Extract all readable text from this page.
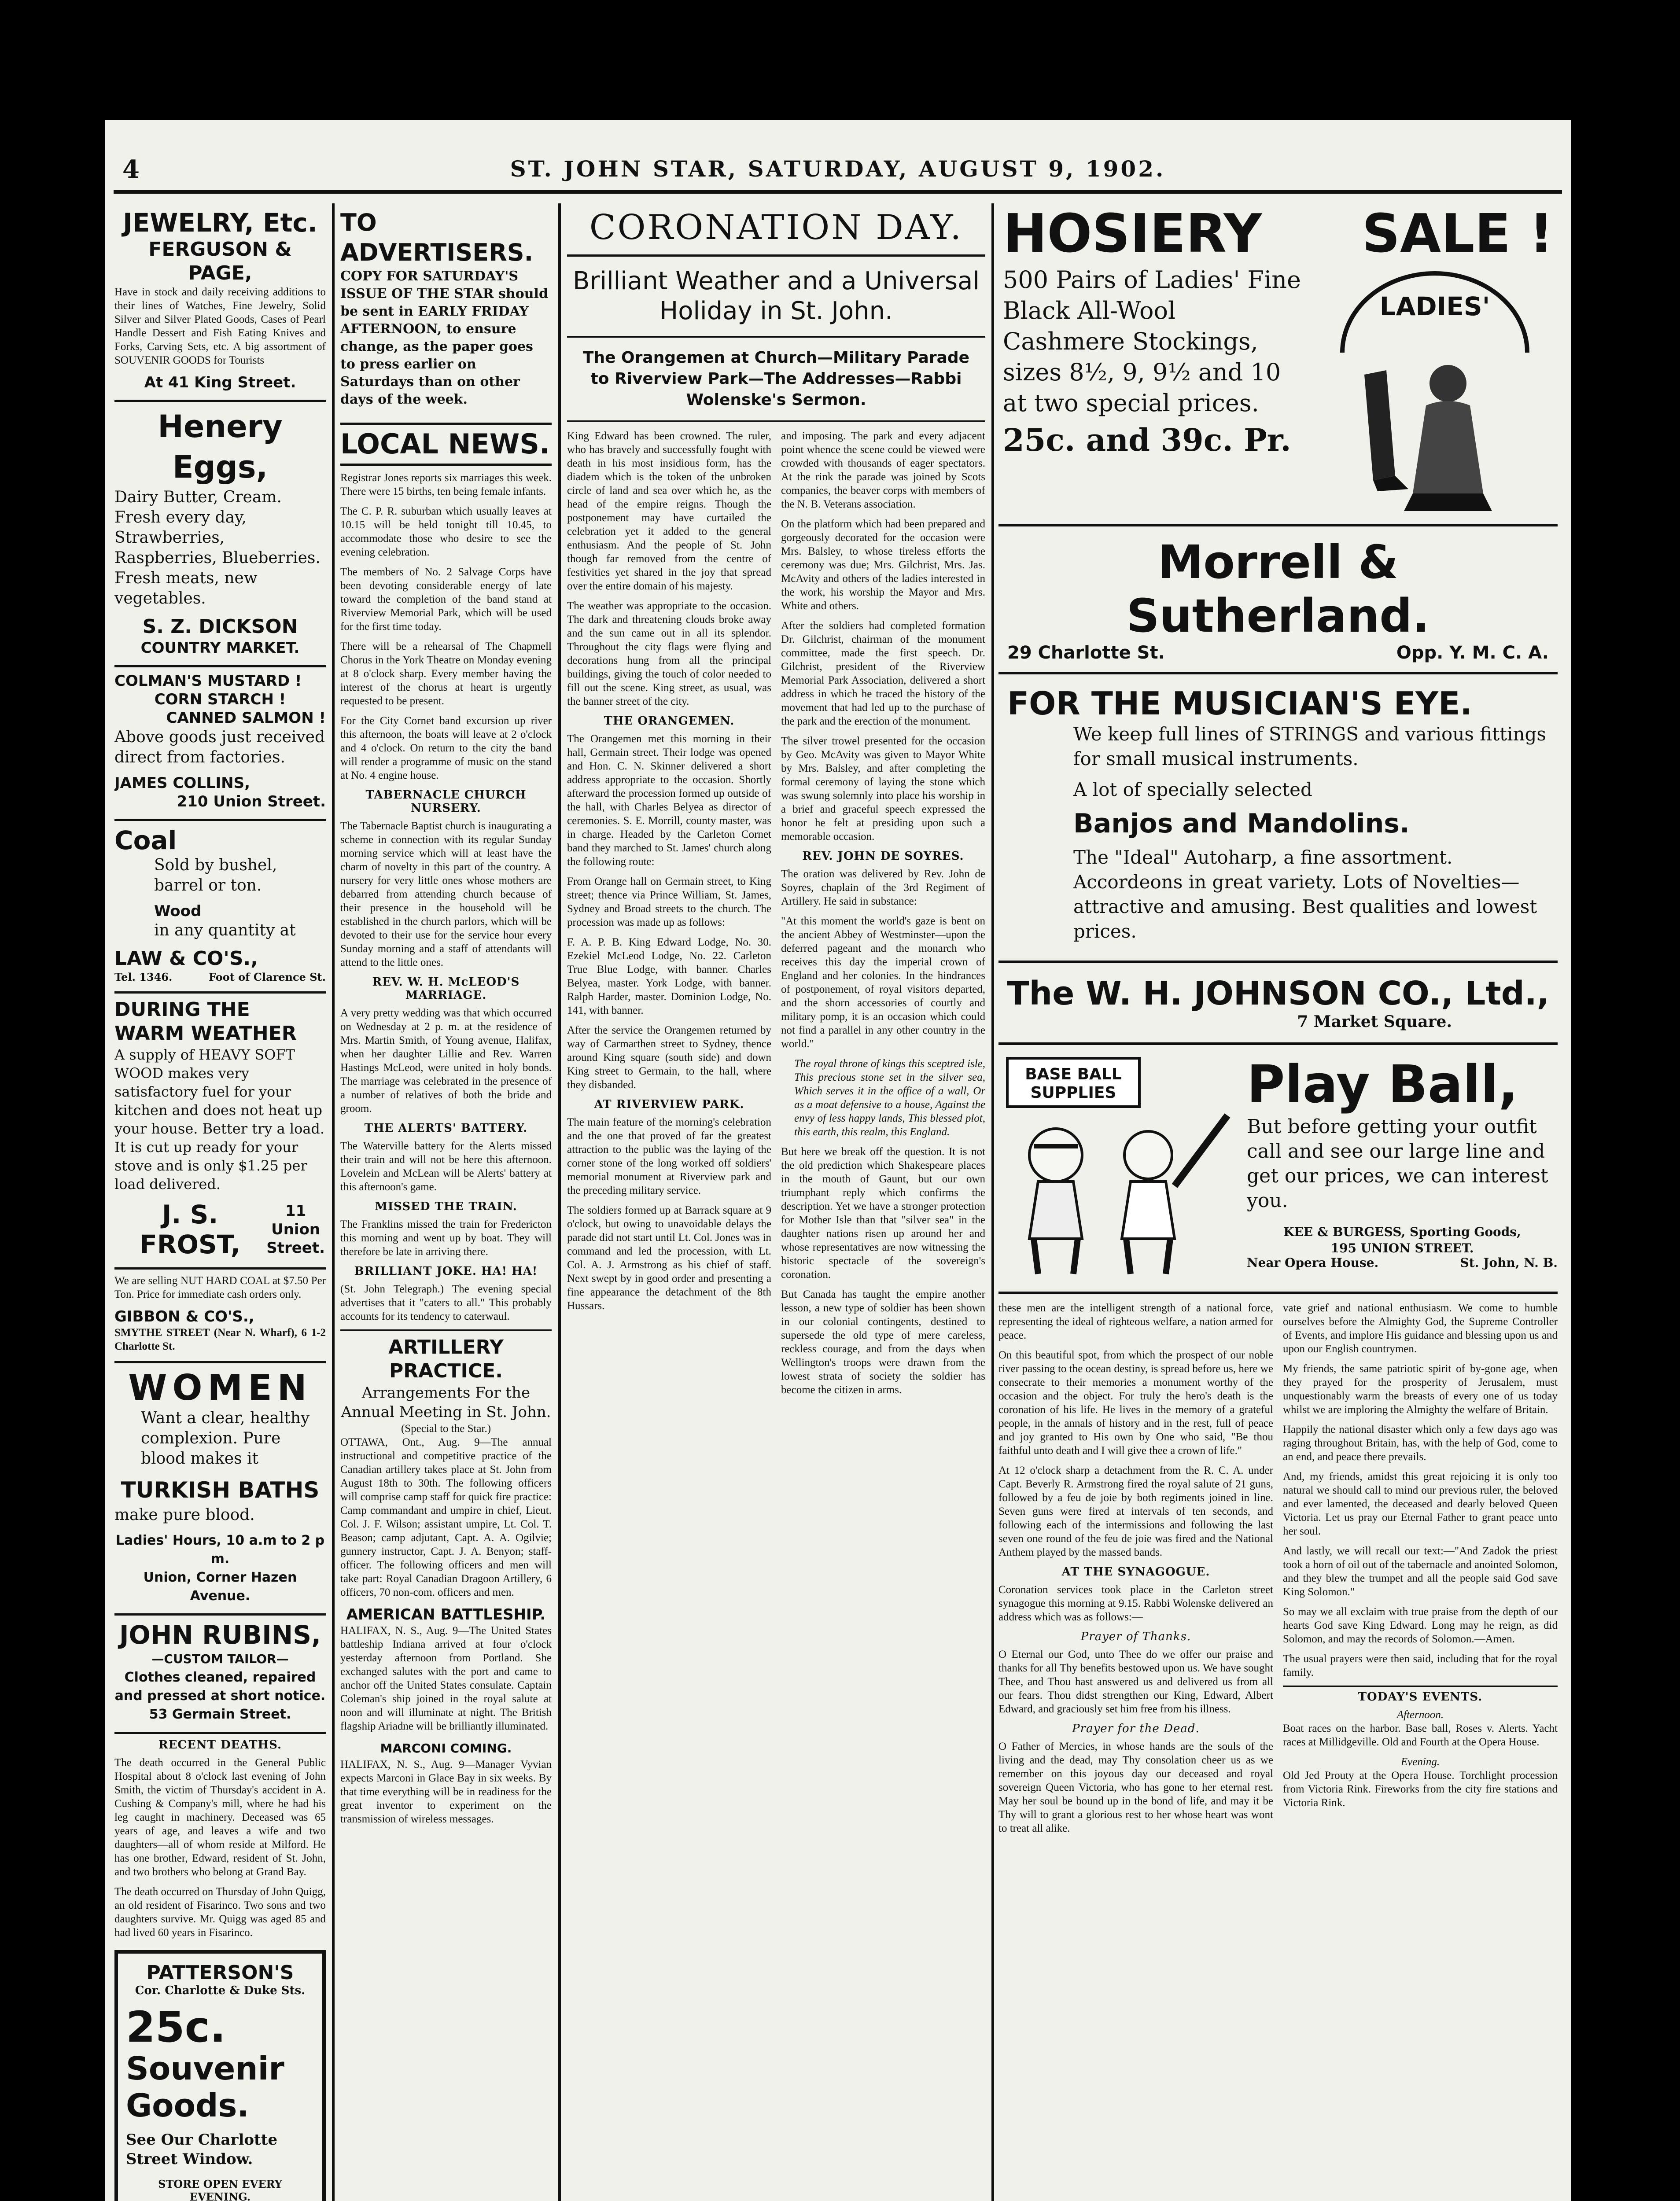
4	ST. JOHN STAR, SATURDAY, AUGUST 9, 1902.
JEWELRY, Etc.
FERGUSON & PAGE,

Have in stock and daily receiving additions to their lines of Watches, Fine Jewelry, Solid Silver and Silver Plated Goods, Cases of Pearl Handle Dessert and Fish Eating Knives and Forks, Carving Sets, etc. A big assortment of SOUVENIR GOODS for Tourists

At 41 King Street.
Henery Eggs,

Dairy Butter, Cream. Fresh every day, Strawberries, Raspberries, Blueberries. Fresh meats, new vegetables.

S. Z. DICKSON
COUNTRY MARKET.
COLMAN'S MUSTARD !
CORN STARCH !
CANNED SALMON !

Above goods just received direct from factories.

JAMES COLLINS,
210 Union Street.
Coal

Sold by bushel, barrel or ton.

Wood

in any quantity at

LAW & CO'S.,
Tel. 1346.	Foot of Clarence St.
DURING THE WARM WEATHER

A supply of HEAVY SOFT WOOD makes very satisfactory fuel for your kitchen and does not heat up your house. Better try a load. It is cut up ready for your stove and is only $1.25 per load delivered.

J. S. FROST,
11 Union Street.

We are selling NUT HARD COAL at $7.50 Per Ton. Price for immediate cash orders only.

GIBBON & CO'S.,
SMYTHE STREET (Near N. Wharf), 6 1-2 Charlotte St.
WOMEN

Want a clear, healthy complexion. Pure blood makes it

TURKISH BATHS

make pure blood.

Ladies' Hours, 10 a.m to 2 p m.
Union, Corner Hazen Avenue.
JOHN RUBINS,
—CUSTOM TAILOR—
Clothes cleaned, repaired and pressed at short notice.
53 Germain Street.
RECENT DEATHS.

The death occurred in the General Public Hospital about 8 o'clock last evening of John Smith, the victim of Thursday's accident in A. Cushing & Company's mill, where he had his leg caught in machinery. Deceased was 65 years of age, and leaves a wife and two daughters—all of whom reside at Milford. He has one brother, Edward, resident of St. John, and two brothers who belong at Grand Bay.

The death occurred on Thursday of John Quigg, an old resident of Fisarinco. Two sons and two daughters survive. Mr. Quigg was aged 85 and had lived 60 years in Fisarinco.

PATTERSON'S
Cor. Charlotte & Duke Sts.
25c.
Souvenir Goods.
See Our Charlotte Street Window.
STORE OPEN EVERY EVENING.
TO ADVERTISERS.

COPY FOR SATURDAY'S ISSUE OF THE STAR should be sent in EARLY FRIDAY AFTERNOON, to ensure change, as the paper goes to press earlier on Saturdays than on other days of the week.

LOCAL NEWS.

Registrar Jones reports six marriages this week. There were 15 births, ten being female infants.

The C. P. R. suburban which usually leaves at 10.15 will be held tonight till 10.45, to accommodate those who desire to see the evening celebration.

The members of No. 2 Salvage Corps have been devoting considerable energy of late toward the completion of the band stand at Riverview Memorial Park, which will be used for the first time today.

There will be a rehearsal of The Chapmell Chorus in the York Theatre on Monday evening at 8 o'clock sharp. Every member having the interest of the chorus at heart is urgently requested to be present.

For the City Cornet band excursion up river this afternoon, the boats will leave at 2 o'clock and 4 o'clock. On return to the city the band will render a programme of music on the stand at No. 4 engine house.

TABERNACLE CHURCH NURSERY.

The Tabernacle Baptist church is inaugurating a scheme in connection with its regular Sunday morning service which will at least have the charm of novelty in this part of the country. A nursery for very little ones whose mothers are debarred from attending church because of their presence in the household will be established in the church parlors, which will be devoted to their use for the service hour every Sunday morning and a staff of attendants will attend to the little ones.

REV. W. H. McLEOD'S MARRIAGE.

A very pretty wedding was that which occurred on Wednesday at 2 p. m. at the residence of Mrs. Martin Smith, of Young avenue, Halifax, when her daughter Lillie and Rev. Warren Hastings McLeod, were united in holy bonds. The marriage was celebrated in the presence of a number of relatives of both the bride and groom.

THE ALERTS' BATTERY.

The Waterville battery for the Alerts missed their train and will not be here this afternoon. Lovelein and McLean will be Alerts' battery at this afternoon's game.

MISSED THE TRAIN.

The Franklins missed the train for Fredericton this morning and went up by boat. They will therefore be late in arriving there.

BRILLIANT JOKE. HA! HA!

(St. John Telegraph.) The evening special advertises that it "caters to all." This probably accounts for its tendency to caterwaul.

ARTILLERY PRACTICE.
Arrangements For the Annual Meeting in St. John.
(Special to the Star.)

OTTAWA, Ont., Aug. 9—The annual instructional and competitive practice of the Canadian artillery takes place at St. John from August 18th to 30th. The following officers will comprise camp staff for quick fire practice: Camp commandant and umpire in chief, Lieut. Col. J. F. Wilson; assistant umpire, Lt. Col. T. Beason; camp adjutant, Capt. A. A. Ogilvie; gunnery instructor, Capt. J. A. Benyon; staff-officer. The following officers and men will take part: Royal Canadian Dragoon Artillery, 6 officers, 70 non-com. officers and men.

AMERICAN BATTLESHIP.

HALIFAX, N. S., Aug. 9—The United States battleship Indiana arrived at four o'clock yesterday afternoon from Portland. She exchanged salutes with the port and came to anchor off the United States consulate. Captain Coleman's ship joined in the royal salute at noon and will illuminate at night. The British flagship Ariadne will be brilliantly illuminated.

MARCONI COMING.

HALIFAX, N. S., Aug. 9—Manager Vyvian expects Marconi in Glace Bay in six weeks. By that time everything will be in readiness for the great inventor to experiment on the transmission of wireless messages.

CORONATION DAY.
Brilliant Weather and a Universal Holiday in St. John.
The Orangemen at Church—Military Parade to Riverview Park—The Addresses—Rabbi Wolenske's Sermon.

King Edward has been crowned. The ruler, who has bravely and successfully fought with death in his most insidious form, has the diadem which is the token of the unbroken circle of land and sea over which he, as the head of the empire reigns. Though the postponement may have curtailed the celebration yet it added to the general enthusiasm. And the people of St. John though far removed from the centre of festivities yet shared in the joy that spread over the entire domain of his majesty.

The weather was appropriate to the occasion. The dark and threatening clouds broke away and the sun came out in all its splendor. Throughout the city flags were flying and decorations hung from all the principal buildings, giving the touch of color needed to fill out the scene. King street, as usual, was the banner street of the city.

THE ORANGEMEN.

The Orangemen met this morning in their hall, Germain street. Their lodge was opened and Hon. C. N. Skinner delivered a short address appropriate to the occasion. Shortly afterward the procession formed up outside of the hall, with Charles Belyea as director of ceremonies. S. E. Morrill, county master, was in charge. Headed by the Carleton Cornet band they marched to St. James' church along the following route:

From Orange hall on Germain street, to King street; thence via Prince William, St. James, Sydney and Broad streets to the church. The procession was made up as follows:

F. A. P. B. King Edward Lodge, No. 30. Ezekiel McLeod Lodge, No. 22. Carleton True Blue Lodge, with banner. Charles Belyea, master. York Lodge, with banner. Ralph Harder, master. Dominion Lodge, No. 141, with banner.

After the service the Orangemen returned by way of Carmarthen street to Sydney, thence around King square (south side) and down King street to Germain, to the hall, where they disbanded.

AT RIVERVIEW PARK.

The main feature of the morning's celebration and the one that proved of far the greatest attraction to the public was the laying of the corner stone of the long worked off soldiers' memorial monument at Riverview park and the preceding military service.

The soldiers formed up at Barrack square at 9 o'clock, but owing to unavoidable delays the parade did not start until Lt. Col. Jones was in command and led the procession, with Lt. Col. A. J. Armstrong as his chief of staff. Next swept by in good order and presenting a fine appearance the detachment of the 8th Hussars.

and imposing. The park and every adjacent point whence the scene could be viewed were crowded with thousands of eager spectators. At the rink the parade was joined by Scots companies, the beaver corps with members of the N. B. Veterans association.

On the platform which had been prepared and gorgeously decorated for the occasion were Mrs. Balsley, to whose tireless efforts the ceremony was due; Mrs. Gilchrist, Mrs. Jas. McAvity and others of the ladies interested in the work, his worship the Mayor and Mrs. White and others.

After the soldiers had completed formation Dr. Gilchrist, chairman of the monument committee, made the first speech. Dr. Gilchrist, president of the Riverview Memorial Park Association, delivered a short address in which he traced the history of the movement that had led up to the purchase of the park and the erection of the monument.

The silver trowel presented for the occasion by Geo. McAvity was given to Mayor White by Mrs. Balsley, and after completing the formal ceremony of laying the stone which was swung solemnly into place his worship in a brief and graceful speech expressed the honor he felt at presiding upon such a memorable occasion.

REV. JOHN DE SOYRES.

The oration was delivered by Rev. John de Soyres, chaplain of the 3rd Regiment of Artillery. He said in substance:

"At this moment the world's gaze is bent on the ancient Abbey of Westminster—upon the deferred pageant and the monarch who receives this day the imperial crown of England and her colonies. In the hindrances of postponement, of royal visitors departed, and the shorn accessories of courtly and military pomp, it is an occasion which could not find a parallel in any other country in the world."

The royal throne of kings this sceptred isle, This precious stone set in the silver sea, Which serves it in the office of a wall, Or as a moat defensive to a house, Against the envy of less happy lands, This blessed plot, this earth, this realm, this England.

But here we break off the question. It is not the old prediction which Shakespeare places in the mouth of Gaunt, but our own triumphant reply which confirms the description. Yet we have a stronger protection for Mother Isle than that "silver sea" in the daughter nations risen up around her and whose representatives are now witnessing the historic spectacle of the sovereign's coronation.

But Canada has taught the empire another lesson, a new type of soldier has been shown in our colonial contingents, destined to supersede the old type of mere careless, reckless courage, and from the days when Wellington's troops were drawn from the lowest strata of society the soldier has become the citizen in arms.

HOSIERY SALE !

500 Pairs of Ladies' Fine Black All-Wool Cashmere Stockings, sizes 8½, 9, 9½ and 10 at two special prices.

25c. and 39c. Pr.
LADIES'
Morrell & Sutherland.
29 Charlotte St.	Opp. Y. M. C. A.
FOR THE MUSICIAN'S EYE.

We keep full lines of STRINGS and various fittings for small musical instruments.

A lot of specially selected

Banjos and Mandolins.

The "Ideal" Autoharp, a fine assortment. Accordeons in great variety. Lots of Novelties—attractive and amusing. Best qualities and lowest prices.

The W. H. JOHNSON CO., Ltd.,
7 Market Square.
BASE BALL
SUPPLIES	Play Ball,

But before getting your outfit call and see our large line and get our prices, we can interest you.

KEE & BURGESS, Sporting Goods,
195 UNION STREET.
Near Opera House.	St. John, N. B.

these men are the intelligent strength of a national force, representing the ideal of righteous welfare, a nation armed for peace.

On this beautiful spot, from which the prospect of our noble river passing to the ocean destiny, is spread before us, here we consecrate to their memories a monument worthy of the occasion and the object. For truly the hero's death is the coronation of his life. He lives in the memory of a grateful people, in the annals of history and in the rest, full of peace and joy granted to His own by One who said, "Be thou faithful unto death and I will give thee a crown of life."

At 12 o'clock sharp a detachment from the R. C. A. under Capt. Beverly R. Armstrong fired the royal salute of 21 guns, followed by a feu de joie by both regiments joined in line. Seven guns were fired at intervals of ten seconds, and following each of the intermissions and following the last seven one round of the feu de joie was fired and the National Anthem played by the massed bands.

AT THE SYNAGOGUE.

Coronation services took place in the Carleton street synagogue this morning at 9.15. Rabbi Wolenske delivered an address which was as follows:—

Prayer of Thanks.

O Eternal our God, unto Thee do we offer our praise and thanks for all Thy benefits bestowed upon us. We have sought Thee, and Thou hast answered us and delivered us from all our fears. Thou didst strengthen our King, Edward, Albert Edward, and graciously set him free from his illness.

Prayer for the Dead.

O Father of Mercies, in whose hands are the souls of the living and the dead, may Thy consolation cheer us as we remember on this joyous day our deceased and royal sovereign Queen Victoria, who has gone to her eternal rest. May her soul be bound up in the bond of life, and may it be Thy will to grant a glorious rest to her whose heart was wont to treat all alike.

vate grief and national enthusiasm. We come to humble ourselves before the Almighty God, the Supreme Controller of Events, and implore His guidance and blessing upon us and upon our English countrymen.

My friends, the same patriotic spirit of by-gone age, when they prayed for the prosperity of Jerusalem, must unquestionably warm the breasts of every one of us today whilst we are imploring the Almighty the welfare of Britain.

Happily the national disaster which only a few days ago was raging throughout Britain, has, with the help of God, come to an end, and peace there prevails.

And, my friends, amidst this great rejoicing it is only too natural we should call to mind our previous ruler, the beloved and ever lamented, the deceased and dearly beloved Queen Victoria. Let us pray our Eternal Father to grant peace unto her soul.

And lastly, we will recall our text:—"And Zadok the priest took a horn of oil out of the tabernacle and anointed Solomon, and they blew the trumpet and all the people said God save King Solomon."

So may we all exclaim with true praise from the depth of our hearts God save King Edward. Long may he reign, as did Solomon, and may the records of Solomon.—Amen.

The usual prayers were then said, including that for the royal family.

TODAY'S EVENTS.
Afternoon.

Boat races on the harbor. Base ball, Roses v. Alerts. Yacht races at Millidgeville. Old and Fourth at the Opera House.

Evening.

Old Jed Prouty at the Opera House. Torchlight procession from Victoria Rink. Fireworks from the city fire stations and Victoria Rink.
